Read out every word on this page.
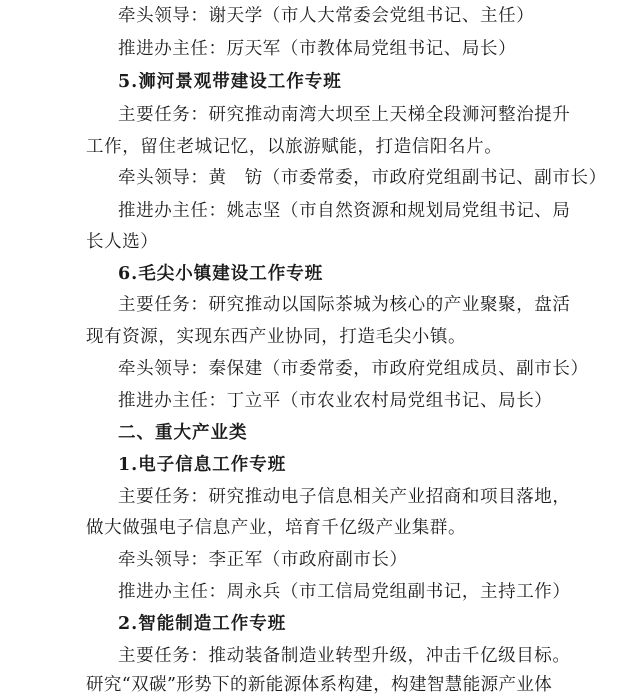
牵头领导：谢天学（市人大常委会党组书记、主任）
推进办主任：厉天军（市教体局党组书记、局长）
5.浉河景观带建设工作专班
主要任务：研究推动南湾大坝至上天梯全段浉河整治提升
工作，留住老城记忆，以旅游赋能，打造信阳名片。
牵头领导：黄　钫（市委常委，市政府党组副书记、副市长）
推进办主任：姚志坚（市自然资源和规划局党组书记、局
长人选）
6.毛尖小镇建设工作专班
主要任务：研究推动以国际茶城为核心的产业聚聚，盘活
现有资源，实现东西产业协同，打造毛尖小镇。
牵头领导：秦保建（市委常委，市政府党组成员、副市长）
推进办主任：丁立平（市农业农村局党组书记、局长）
二、重大产业类
1.电子信息工作专班
主要任务：研究推动电子信息相关产业招商和项目落地，
做大做强电子信息产业，培育千亿级产业集群。
牵头领导：李正军（市政府副市长）
推进办主任：周永兵（市工信局党组副书记，主持工作）
2.智能制造工作专班
主要任务：推动装备制造业转型升级，冲击千亿级目标。
研究“双碳”形势下的新能源体系构建，构建智慧能源产业体
